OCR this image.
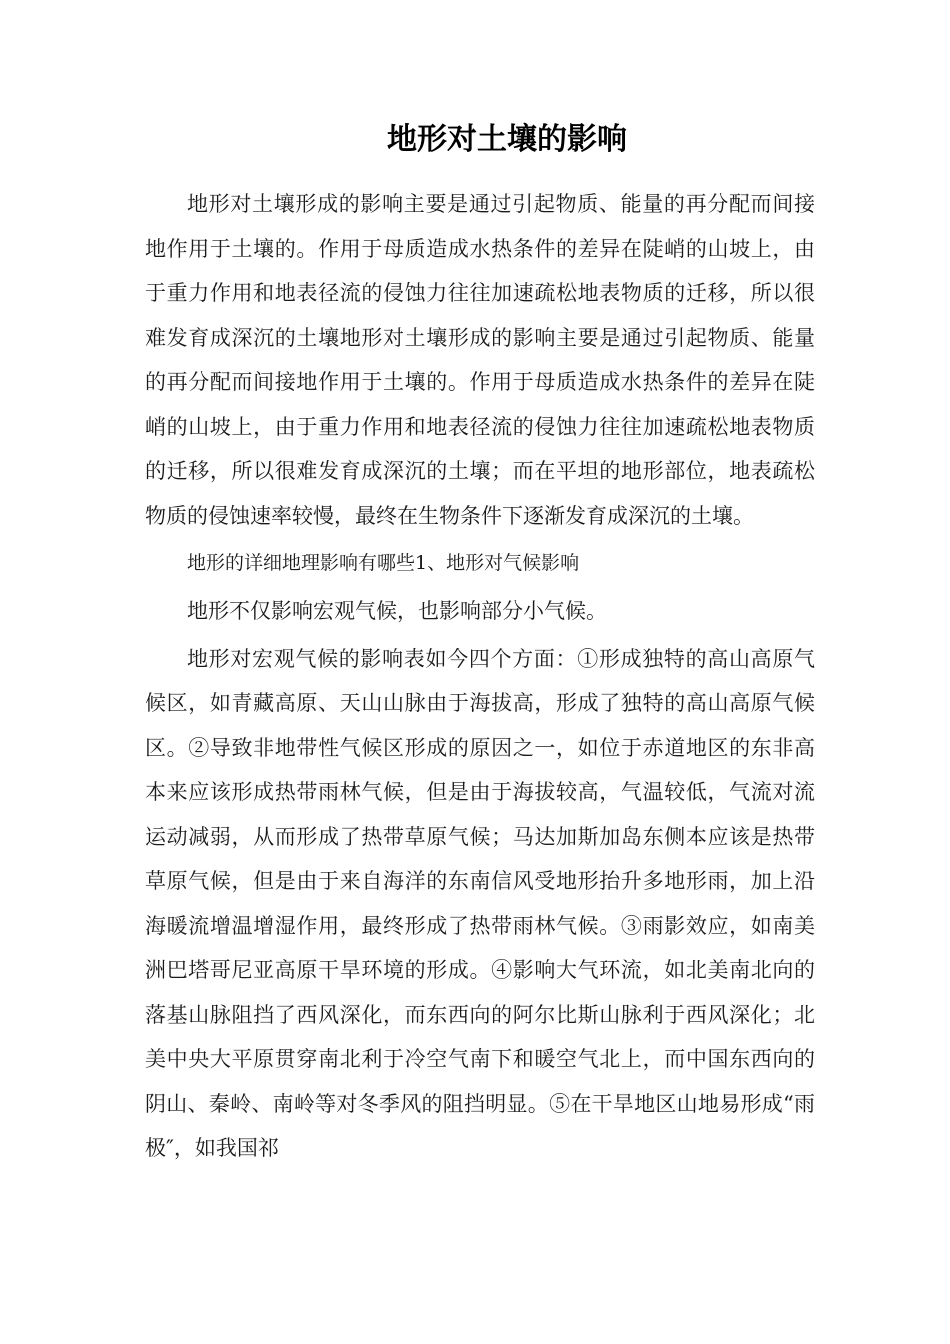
地形对土壤的影响

地形对土壤形成的影响主要是通过引起物质、能量的再分配而间接地作用于土壤的。作用于母质造成水热条件的差异在陡峭的山坡上，由于重力作用和地表径流的侵蚀力往往加速疏松地表物质的迁移，所以很难发育成深沉的土壤地形对土壤形成的影响主要是通过引起物质、能量的再分配而间接地作用于土壤的。作用于母质造成水热条件的差异在陡峭的山坡上，由于重力作用和地表径流的侵蚀力往往加速疏松地表物质的迁移，所以很难发育成深沉的土壤；而在平坦的地形部位，地表疏松物质的侵蚀速率较慢，最终在生物条件下逐渐发育成深沉的土壤。

地形的详细地理影响有哪些1、地形对气候影响

地形不仅影响宏观气候，也影响部分小气候。

地形对宏观气候的影响表如今四个方面：①形成独特的高山高原气候区，如青藏高原、天山山脉由于海拔高，形成了独特的高山高原气候区。②导致非地带性气候区形成的原因之一，如位于赤道地区的东非高本来应该形成热带雨林气候，但是由于海拔较高，气温较低，气流对流运动减弱，从而形成了热带草原气候；马达加斯加岛东侧本应该是热带草原气候，但是由于来自海洋的东南信风受地形抬升多地形雨，加上沿海暖流增温增湿作用，最终形成了热带雨林气候。③雨影效应，如南美洲巴塔哥尼亚高原干旱环境的形成。④影响大气环流，如北美南北向的落基山脉阻挡了西风深化，而东西向的阿尔比斯山脉利于西风深化；北美中央大平原贯穿南北利于冷空气南下和暖空气北上，而中国东西向的阴山、秦岭、南岭等对冬季风的阻挡明显。⑤在干旱地区山地易形成“雨极″，如我国祁
